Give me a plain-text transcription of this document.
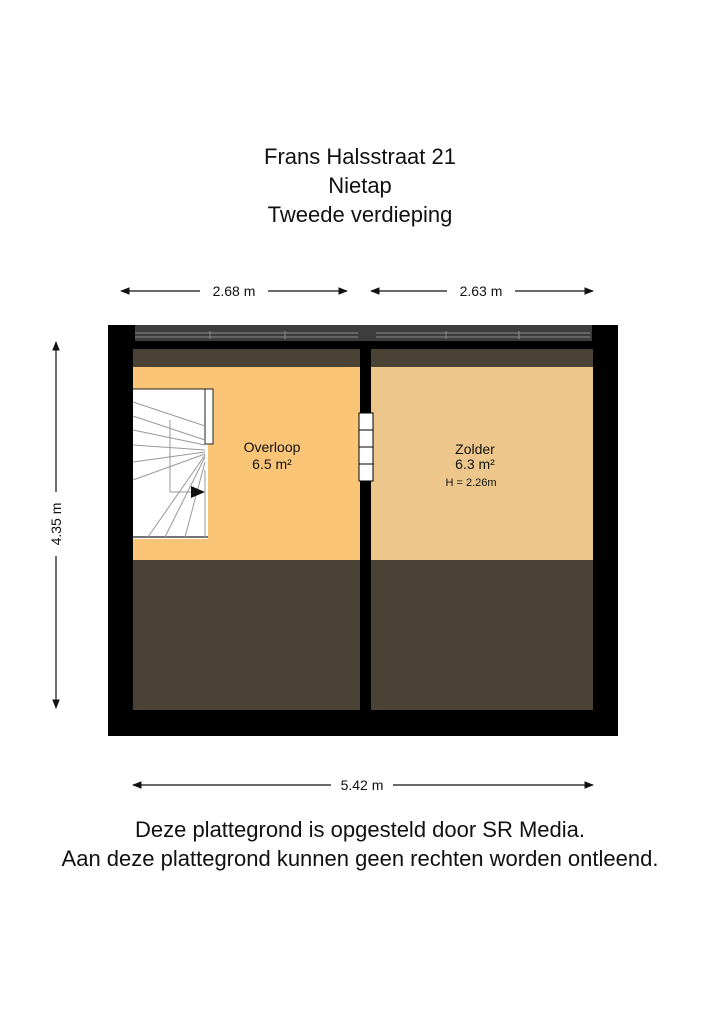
Frans Halsstraat 21
Nietap
Tweede verdieping
2.68 m	2.63 m
4.35 m
5.42 m
Overloop
6.5 m²
Zolder
6.3 m²
H = 2.26m
Deze plattegrond is opgesteld door SR Media.
Aan deze plattegrond kunnen geen rechten worden ontleend.
